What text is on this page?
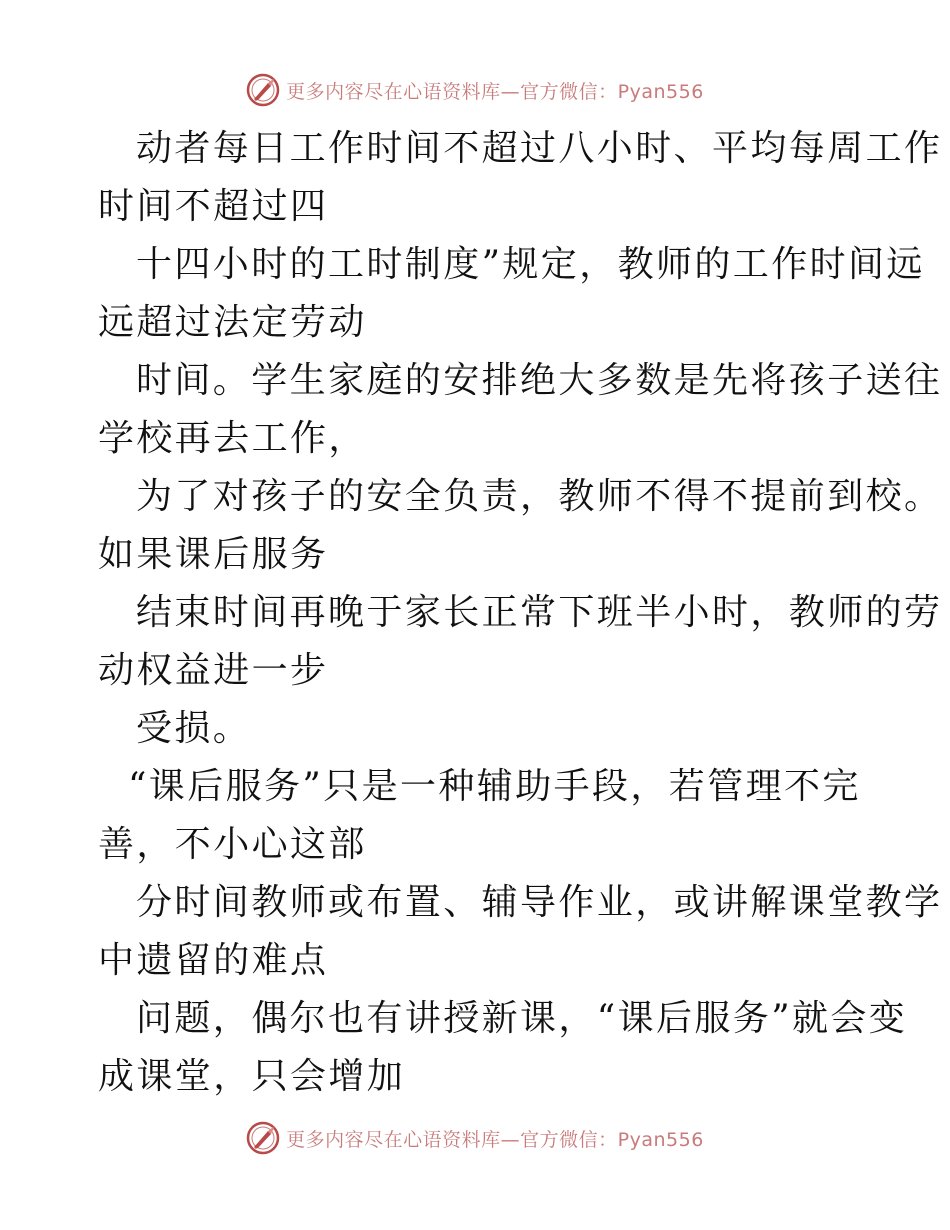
更多内容尽在心语资料库—官方微信：Pyan556

动者每日工作时间不超过八小时、平均每周工作

时间不超过四

十四小时的工时制度”规定，教师的工作时间远

远超过法定劳动

时间。学生家庭的安排绝大多数是先将孩子送往

学校再去工作，

为了对孩子的安全负责，教师不得不提前到校。

如果课后服务

结束时间再晚于家长正常下班半小时，教师的劳

动权益进一步

受损。

“课后服务”只是一种辅助手段，若管理不完

善，不小心这部

分时间教师或布置、辅导作业，或讲解课堂教学

中遗留的难点

问题，偶尔也有讲授新课，“课后服务”就会变

成课堂，只会增加

更多内容尽在心语资料库—官方微信：Pyan556
